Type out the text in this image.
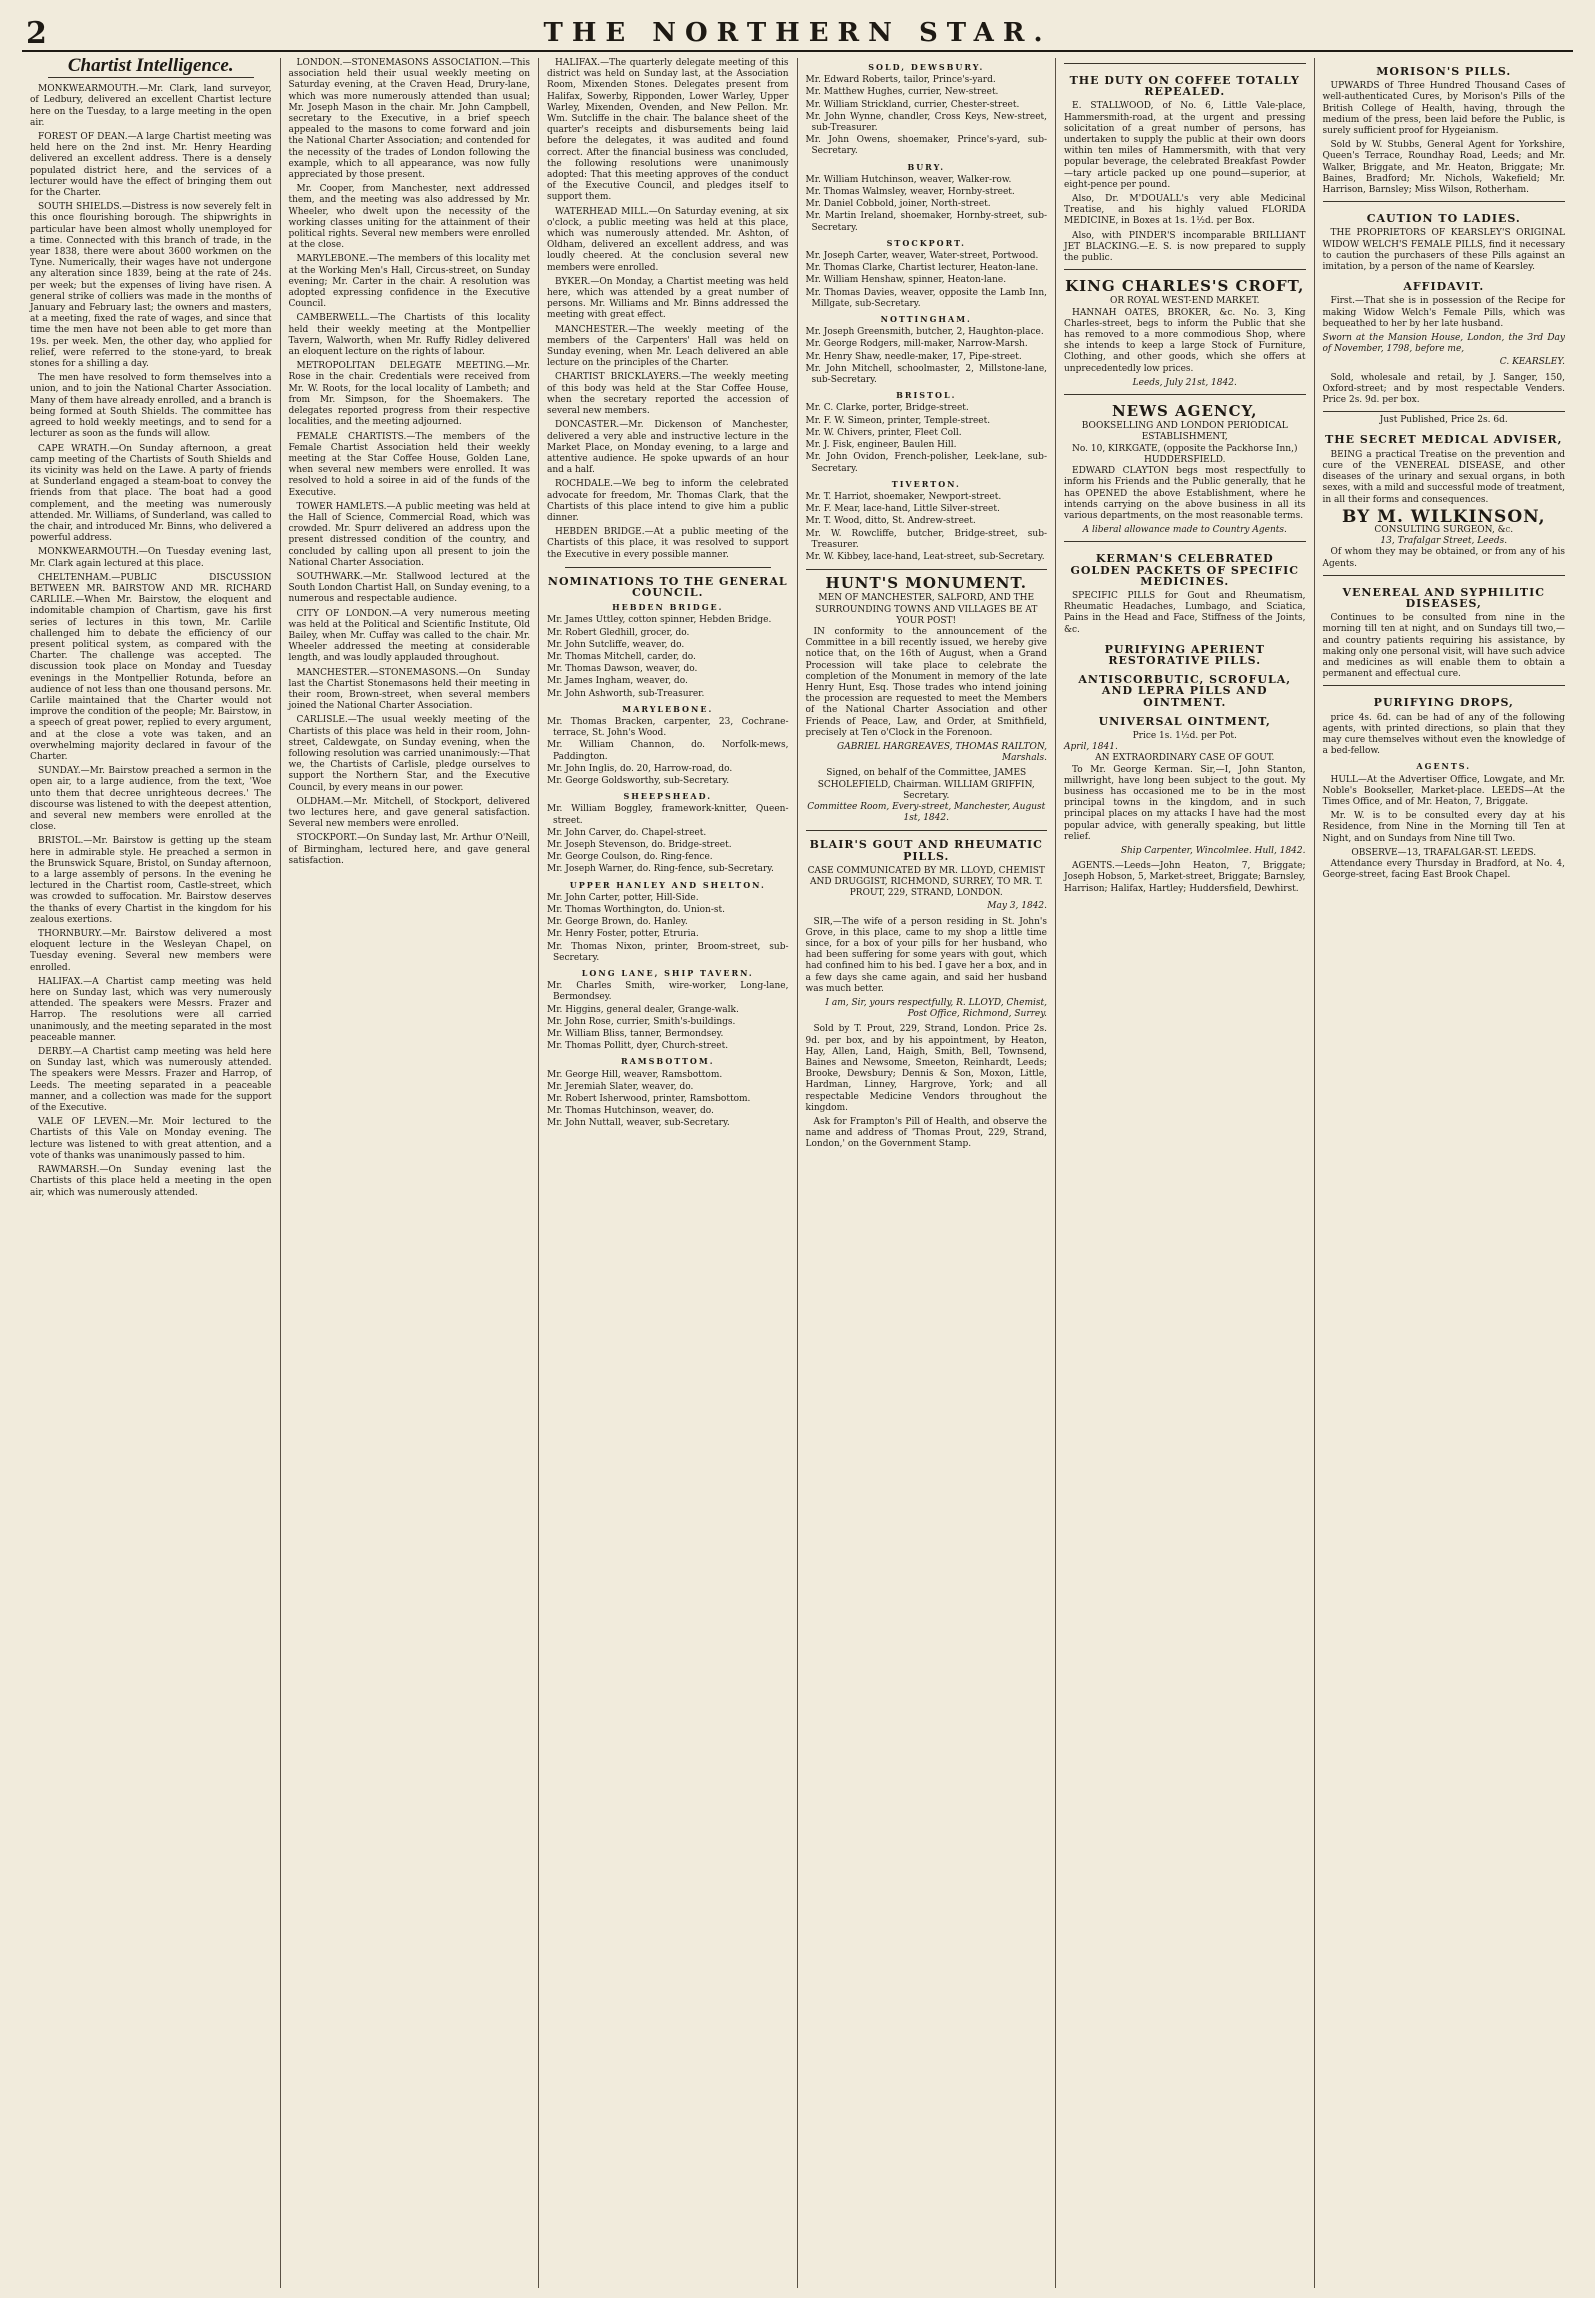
2	THE NORTHERN STAR.
Chartist Intelligence.

MONKWEARMOUTH.—Mr. Clark, land surveyor, of Ledbury, delivered an excellent Chartist lecture here on the Tuesday, to a large meeting in the open air.

FOREST OF DEAN.—A large Chartist meeting was held here on the 2nd inst. Mr. Henry Hearding delivered an excellent address. There is a densely populated district here, and the services of a lecturer would have the effect of bringing them out for the Charter.

SOUTH SHIELDS.—Distress is now severely felt in this once flourishing borough. The shipwrights in particular have been almost wholly unemployed for a time. Connected with this branch of trade, in the year 1838, there were about 3600 workmen on the Tyne. Numerically, their wages have not undergone any alteration since 1839, being at the rate of 24s. per week; but the expenses of living have risen. A general strike of colliers was made in the months of January and February last; the owners and masters, at a meeting, fixed the rate of wages, and since that time the men have not been able to get more than 19s. per week. Men, the other day, who applied for relief, were referred to the stone-yard, to break stones for a shilling a day.

The men have resolved to form themselves into a union, and to join the National Charter Association. Many of them have already enrolled, and a branch is being formed at South Shields. The committee has agreed to hold weekly meetings, and to send for a lecturer as soon as the funds will allow.

CAPE WRATH.—On Sunday afternoon, a great camp meeting of the Chartists of South Shields and its vicinity was held on the Lawe. A party of friends at Sunderland engaged a steam-boat to convey the friends from that place. The boat had a good complement, and the meeting was numerously attended. Mr. Williams, of Sunderland, was called to the chair, and introduced Mr. Binns, who delivered a powerful address.

MONKWEARMOUTH.—On Tuesday evening last, Mr. Clark again lectured at this place.

CHELTENHAM.—PUBLIC DISCUSSION BETWEEN MR. BAIRSTOW AND MR. RICHARD CARLILE.—When Mr. Bairstow, the eloquent and indomitable champion of Chartism, gave his first series of lectures in this town, Mr. Carlile challenged him to debate the efficiency of our present political system, as compared with the Charter. The challenge was accepted. The discussion took place on Monday and Tuesday evenings in the Montpellier Rotunda, before an audience of not less than one thousand persons. Mr. Carlile maintained that the Charter would not improve the condition of the people; Mr. Bairstow, in a speech of great power, replied to every argument, and at the close a vote was taken, and an overwhelming majority declared in favour of the Charter.

SUNDAY.—Mr. Bairstow preached a sermon in the open air, to a large audience, from the text, 'Woe unto them that decree unrighteous decrees.' The discourse was listened to with the deepest attention, and several new members were enrolled at the close.

BRISTOL.—Mr. Bairstow is getting up the steam here in admirable style. He preached a sermon in the Brunswick Square, Bristol, on Sunday afternoon, to a large assembly of persons. In the evening he lectured in the Chartist room, Castle-street, which was crowded to suffocation. Mr. Bairstow deserves the thanks of every Chartist in the kingdom for his zealous exertions.

THORNBURY.—Mr. Bairstow delivered a most eloquent lecture in the Wesleyan Chapel, on Tuesday evening. Several new members were enrolled.

HALIFAX.—A Chartist camp meeting was held here on Sunday last, which was very numerously attended. The speakers were Messrs. Frazer and Harrop. The resolutions were all carried unanimously, and the meeting separated in the most peaceable manner.

DERBY.—A Chartist camp meeting was held here on Sunday last, which was numerously attended. The speakers were Messrs. Frazer and Harrop, of Leeds. The meeting separated in a peaceable manner, and a collection was made for the support of the Executive.

VALE OF LEVEN.—Mr. Moir lectured to the Chartists of this Vale on Monday evening. The lecture was listened to with great attention, and a vote of thanks was unanimously passed to him.

RAWMARSH.—On Sunday evening last the Chartists of this place held a meeting in the open air, which was numerously attended.

LONDON.—STONEMASONS ASSOCIATION.—This association held their usual weekly meeting on Saturday evening, at the Craven Head, Drury-lane, which was more numerously attended than usual; Mr. Joseph Mason in the chair. Mr. John Campbell, secretary to the Executive, in a brief speech appealed to the masons to come forward and join the National Charter Association; and contended for the necessity of the trades of London following the example, which to all appearance, was now fully appreciated by those present.

Mr. Cooper, from Manchester, next addressed them, and the meeting was also addressed by Mr. Wheeler, who dwelt upon the necessity of the working classes uniting for the attainment of their political rights. Several new members were enrolled at the close.

MARYLEBONE.—The members of this locality met at the Working Men's Hall, Circus-street, on Sunday evening; Mr. Carter in the chair. A resolution was adopted expressing confidence in the Executive Council.

CAMBERWELL.—The Chartists of this locality held their weekly meeting at the Montpellier Tavern, Walworth, when Mr. Ruffy Ridley delivered an eloquent lecture on the rights of labour.

METROPOLITAN DELEGATE MEETING.—Mr. Rose in the chair. Credentials were received from Mr. W. Roots, for the local locality of Lambeth; and from Mr. Simpson, for the Shoemakers. The delegates reported progress from their respective localities, and the meeting adjourned.

FEMALE CHARTISTS.—The members of the Female Chartist Association held their weekly meeting at the Star Coffee House, Golden Lane, when several new members were enrolled. It was resolved to hold a soiree in aid of the funds of the Executive.

TOWER HAMLETS.—A public meeting was held at the Hall of Science, Commercial Road, which was crowded. Mr. Spurr delivered an address upon the present distressed condition of the country, and concluded by calling upon all present to join the National Charter Association.

SOUTHWARK.—Mr. Stallwood lectured at the South London Chartist Hall, on Sunday evening, to a numerous and respectable audience.

CITY OF LONDON.—A very numerous meeting was held at the Political and Scientific Institute, Old Bailey, when Mr. Cuffay was called to the chair. Mr. Wheeler addressed the meeting at considerable length, and was loudly applauded throughout.

MANCHESTER.—STONEMASONS.—On Sunday last the Chartist Stonemasons held their meeting in their room, Brown-street, when several members joined the National Charter Association.

CARLISLE.—The usual weekly meeting of the Chartists of this place was held in their room, John-street, Caldewgate, on Sunday evening, when the following resolution was carried unanimously:—That we, the Chartists of Carlisle, pledge ourselves to support the Northern Star, and the Executive Council, by every means in our power.

OLDHAM.—Mr. Mitchell, of Stockport, delivered two lectures here, and gave general satisfaction. Several new members were enrolled.

STOCKPORT.—On Sunday last, Mr. Arthur O'Neill, of Birmingham, lectured here, and gave general satisfaction.

HALIFAX.—The quarterly delegate meeting of this district was held on Sunday last, at the Association Room, Mixenden Stones. Delegates present from Halifax, Sowerby, Ripponden, Lower Warley, Upper Warley, Mixenden, Ovenden, and New Pellon. Mr. Wm. Sutcliffe in the chair. The balance sheet of the quarter's receipts and disbursements being laid before the delegates, it was audited and found correct. After the financial business was concluded, the following resolutions were unanimously adopted: That this meeting approves of the conduct of the Executive Council, and pledges itself to support them.

WATERHEAD MILL.—On Saturday evening, at six o'clock, a public meeting was held at this place, which was numerously attended. Mr. Ashton, of Oldham, delivered an excellent address, and was loudly cheered. At the conclusion several new members were enrolled.

BYKER.—On Monday, a Chartist meeting was held here, which was attended by a great number of persons. Mr. Williams and Mr. Binns addressed the meeting with great effect.

MANCHESTER.—The weekly meeting of the members of the Carpenters' Hall was held on Sunday evening, when Mr. Leach delivered an able lecture on the principles of the Charter.

CHARTIST BRICKLAYERS.—The weekly meeting of this body was held at the Star Coffee House, when the secretary reported the accession of several new members.

DONCASTER.—Mr. Dickenson of Manchester, delivered a very able and instructive lecture in the Market Place, on Monday evening, to a large and attentive audience. He spoke upwards of an hour and a half.

ROCHDALE.—We beg to inform the celebrated advocate for freedom, Mr. Thomas Clark, that the Chartists of this place intend to give him a public dinner.

HEBDEN BRIDGE.—At a public meeting of the Chartists of this place, it was resolved to support the Executive in every possible manner.

NOMINATIONS TO THE GENERAL COUNCIL.
HEBDEN BRIDGE.

Mr. James Uttley, cotton spinner, Hebden Bridge.

Mr. Robert Gledhill, grocer, do.

Mr. John Sutcliffe, weaver, do.

Mr. Thomas Mitchell, carder, do.

Mr. Thomas Dawson, weaver, do.

Mr. James Ingham, weaver, do.

Mr. John Ashworth, sub-Treasurer.

MARYLEBONE.

Mr. Thomas Bracken, carpenter, 23, Cochrane-terrace, St. John's Wood.

Mr. William Channon, do. Norfolk-mews, Paddington.

Mr. John Inglis, do. 20, Harrow-road, do.

Mr. George Goldsworthy, sub-Secretary.

SHEEPSHEAD.

Mr. William Boggley, framework-knitter, Queen-street.

Mr. John Carver, do. Chapel-street.

Mr. Joseph Stevenson, do. Bridge-street.

Mr. George Coulson, do. Ring-fence.

Mr. Joseph Warner, do. Ring-fence, sub-Secretary.

UPPER HANLEY AND SHELTON.

Mr. John Carter, potter, Hill-Side.

Mr. Thomas Worthington, do. Union-st.

Mr. George Brown, do. Hanley.

Mr. Henry Foster, potter, Etruria.

Mr. Thomas Nixon, printer, Broom-street, sub-Secretary.

LONG LANE, SHIP TAVERN.

Mr. Charles Smith, wire-worker, Long-lane, Bermondsey.

Mr. Higgins, general dealer, Grange-walk.

Mr. John Rose, currier, Smith's-buildings.

Mr. William Bliss, tanner, Bermondsey.

Mr. Thomas Pollitt, dyer, Church-street.

RAMSBOTTOM.

Mr. George Hill, weaver, Ramsbottom.

Mr. Jeremiah Slater, weaver, do.

Mr. Robert Isherwood, printer, Ramsbottom.

Mr. Thomas Hutchinson, weaver, do.

Mr. John Nuttall, weaver, sub-Secretary.

SOLD, DEWSBURY.

Mr. Edward Roberts, tailor, Prince's-yard.

Mr. Matthew Hughes, currier, New-street.

Mr. William Strickland, currier, Chester-street.

Mr. John Wynne, chandler, Cross Keys, New-street, sub-Treasurer.

Mr. John Owens, shoemaker, Prince's-yard, sub-Secretary.

BURY.

Mr. William Hutchinson, weaver, Walker-row.

Mr. Thomas Walmsley, weaver, Hornby-street.

Mr. Daniel Cobbold, joiner, North-street.

Mr. Martin Ireland, shoemaker, Hornby-street, sub-Secretary.

STOCKPORT.

Mr. Joseph Carter, weaver, Water-street, Portwood.

Mr. Thomas Clarke, Chartist lecturer, Heaton-lane.

Mr. William Henshaw, spinner, Heaton-lane.

Mr. Thomas Davies, weaver, opposite the Lamb Inn, Millgate, sub-Secretary.

NOTTINGHAM.

Mr. Joseph Greensmith, butcher, 2, Haughton-place.

Mr. George Rodgers, mill-maker, Narrow-Marsh.

Mr. Henry Shaw, needle-maker, 17, Pipe-street.

Mr. John Mitchell, schoolmaster, 2, Millstone-lane, sub-Secretary.

BRISTOL.

Mr. C. Clarke, porter, Bridge-street.

Mr. F. W. Simeon, printer, Temple-street.

Mr. W. Chivers, printer, Fleet Coll.

Mr. J. Fisk, engineer, Baulen Hill.

Mr. John Ovidon, French-polisher, Leek-lane, sub-Secretary.

TIVERTON.

Mr. T. Harriot, shoemaker, Newport-street.

Mr. F. Mear, lace-hand, Little Silver-street.

Mr. T. Wood, ditto, St. Andrew-street.

Mr. W. Rowcliffe, butcher, Bridge-street, sub-Treasurer.

Mr. W. Kibbey, lace-hand, Leat-street, sub-Secretary.

HUNT'S MONUMENT.
MEN OF MANCHESTER, SALFORD, AND THE SURROUNDING TOWNS AND VILLAGES BE AT YOUR POST!

IN conformity to the announcement of the Committee in a bill recently issued, we hereby give notice that, on the 16th of August, when a Grand Procession will take place to celebrate the completion of the Monument in memory of the late Henry Hunt, Esq. Those trades who intend joining the procession are requested to meet the Members of the National Charter Association and other Friends of Peace, Law, and Order, at Smithfield, precisely at Ten o'Clock in the Forenoon.

GABRIEL HARGREAVES, THOMAS RAILTON, Marshals.
Signed, on behalf of the Committee, JAMES SCHOLEFIELD, Chairman. WILLIAM GRIFFIN, Secretary.
Committee Room, Every-street, Manchester, August 1st, 1842.
BLAIR'S GOUT AND RHEUMATIC PILLS.
CASE COMMUNICATED BY MR. LLOYD, CHEMIST AND DRUGGIST, RICHMOND, SURREY, TO MR. T. PROUT, 229, STRAND, LONDON.
May 3, 1842.

SIR,—The wife of a person residing in St. John's Grove, in this place, came to my shop a little time since, for a box of your pills for her husband, who had been suffering for some years with gout, which had confined him to his bed. I gave her a box, and in a few days she came again, and said her husband was much better.

I am, Sir, yours respectfully, R. LLOYD, Chemist, Post Office, Richmond, Surrey.

Sold by T. Prout, 229, Strand, London. Price 2s. 9d. per box, and by his appointment, by Heaton, Hay, Allen, Land, Haigh, Smith, Bell, Townsend, Baines and Newsome, Smeeton, Reinhardt, Leeds; Brooke, Dewsbury; Dennis & Son, Moxon, Little, Hardman, Linney, Hargrove, York; and all respectable Medicine Vendors throughout the kingdom.

Ask for Frampton's Pill of Health, and observe the name and address of 'Thomas Prout, 229, Strand, London,' on the Government Stamp.

THE DUTY ON COFFEE TOTALLY REPEALED.

E. STALLWOOD, of No. 6, Little Vale-place, Hammersmith-road, at the urgent and pressing solicitation of a great number of persons, has undertaken to supply the public at their own doors within ten miles of Hammersmith, with that very popular beverage, the celebrated Breakfast Powder—tary article packed up one pound—superior, at eight-pence per pound.

Also, Dr. M'DOUALL's very able Medicinal Treatise, and his highly valued FLORIDA MEDICINE, in Boxes at 1s. 1½d. per Box.

Also, with PINDER'S incomparable BRILLIANT JET BLACKING.—E. S. is now prepared to supply the public.

KING CHARLES'S CROFT,
OR ROYAL WEST-END MARKET.

HANNAH OATES, BROKER, &c. No. 3, King Charles-street, begs to inform the Public that she has removed to a more commodious Shop, where she intends to keep a large Stock of Furniture, Clothing, and other goods, which she offers at unprecedentedly low prices.

Leeds, July 21st, 1842.
NEWS AGENCY,
BOOKSELLING AND LONDON PERIODICAL ESTABLISHMENT,
No. 10, KIRKGATE, (opposite the Packhorse Inn,) HUDDERSFIELD.

EDWARD CLAYTON begs most respectfully to inform his Friends and the Public generally, that he has OPENED the above Establishment, where he intends carrying on the above business in all its various departments, on the most reasonable terms.

A liberal allowance made to Country Agents.
KERMAN'S CELEBRATED GOLDEN PACKETS OF SPECIFIC MEDICINES.

SPECIFIC PILLS for Gout and Rheumatism, Rheumatic Headaches, Lumbago, and Sciatica, Pains in the Head and Face, Stiffness of the Joints, &c.

PURIFYING APERIENT RESTORATIVE PILLS.
ANTISCORBUTIC, SCROFULA, AND LEPRA PILLS AND OINTMENT.
UNIVERSAL OINTMENT,
Price 1s. 1½d. per Pot.
April, 1841.
AN EXTRAORDINARY CASE OF GOUT.

To Mr. George Kerman. Sir,—I, John Stanton, millwright, have long been subject to the gout. My business has occasioned me to be in the most principal towns in the kingdom, and in such principal places on my attacks I have had the most popular advice, with generally speaking, but little relief.

Ship Carpenter, Wincolmlee. Hull, 1842.

AGENTS.—Leeds—John Heaton, 7, Briggate; Joseph Hobson, 5, Market-street, Briggate; Barnsley, Harrison; Halifax, Hartley; Huddersfield, Dewhirst.

MORISON'S PILLS.

UPWARDS of Three Hundred Thousand Cases of well-authenticated Cures, by Morison's Pills of the British College of Health, having, through the medium of the press, been laid before the Public, is surely sufficient proof for Hygeianism.

Sold by W. Stubbs, General Agent for Yorkshire, Queen's Terrace, Roundhay Road, Leeds; and Mr. Walker, Briggate, and Mr. Heaton, Briggate; Mr. Baines, Bradford; Mr. Nichols, Wakefield; Mr. Harrison, Barnsley; Miss Wilson, Rotherham.

CAUTION TO LADIES.

THE PROPRIETORS OF KEARSLEY'S ORIGINAL WIDOW WELCH'S FEMALE PILLS, find it necessary to caution the purchasers of these Pills against an imitation, by a person of the name of Kearsley.

AFFIDAVIT.

First.—That she is in possession of the Recipe for making Widow Welch's Female Pills, which was bequeathed to her by her late husband.

Sworn at the Mansion House, London, the 3rd Day of November, 1798, before me,
C. KEARSLEY.

Sold, wholesale and retail, by J. Sanger, 150, Oxford-street; and by most respectable Venders. Price 2s. 9d. per box.

Just Published, Price 2s. 6d.
THE SECRET MEDICAL ADVISER,

BEING a practical Treatise on the prevention and cure of the VENEREAL DISEASE, and other diseases of the urinary and sexual organs, in both sexes, with a mild and successful mode of treatment, in all their forms and consequences.

BY M. WILKINSON,
CONSULTING SURGEON, &c.
13, Trafalgar Street, Leeds.

Of whom they may be obtained, or from any of his Agents.

VENEREAL AND SYPHILITIC DISEASES,

Continues to be consulted from nine in the morning till ten at night, and on Sundays till two,—and country patients requiring his assistance, by making only one personal visit, will have such advice and medicines as will enable them to obtain a permanent and effectual cure.

PURIFYING DROPS,

price 4s. 6d. can be had of any of the following agents, with printed directions, so plain that they may cure themselves without even the knowledge of a bed-fellow.

AGENTS.

HULL—At the Advertiser Office, Lowgate, and Mr. Noble's Bookseller, Market-place. LEEDS—At the Times Office, and of Mr. Heaton, 7, Briggate.

Mr. W. is to be consulted every day at his Residence, from Nine in the Morning till Ten at Night, and on Sundays from Nine till Two.

OBSERVE—13, TRAFALGAR-ST. LEEDS.

Attendance every Thursday in Bradford, at No. 4, George-street, facing East Brook Chapel.
